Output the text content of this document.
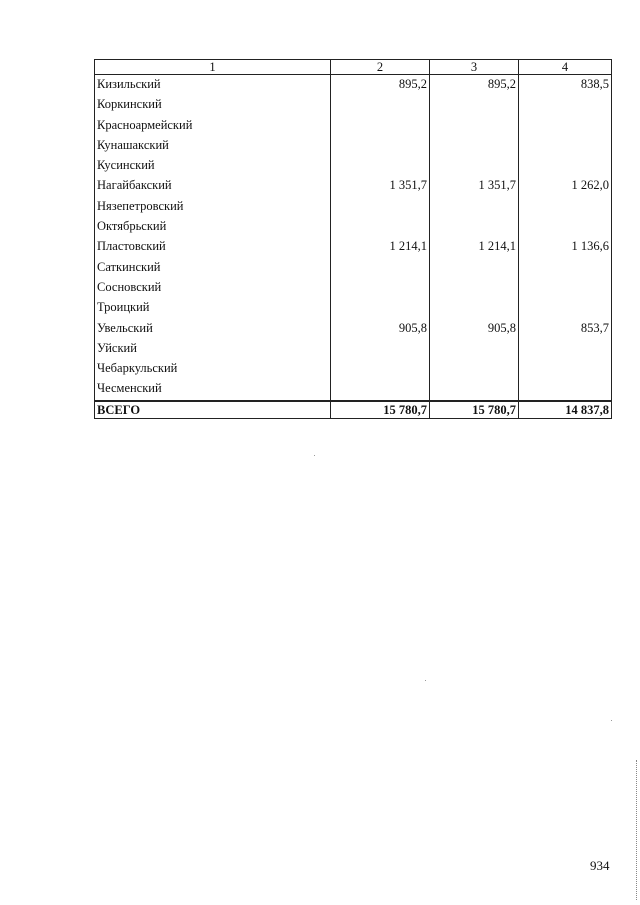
1	2	3	4
Кизильский	895,2	895,2	838,5
Коркинский			
Красноармейский			
Кунашакский			
Кусинский			
Нагайбакский	1 351,7	1 351,7	1 262,0
Нязепетровский			
Октябрьский			
Пластовский	1 214,1	1 214,1	1 136,6
Саткинский			
Сосновский			
Троицкий			
Увельский	905,8	905,8	853,7
Уйский			
Чебаркульский			
Чесменский			
ВСЕГО	15 780,7	15 780,7	14 837,8
934
